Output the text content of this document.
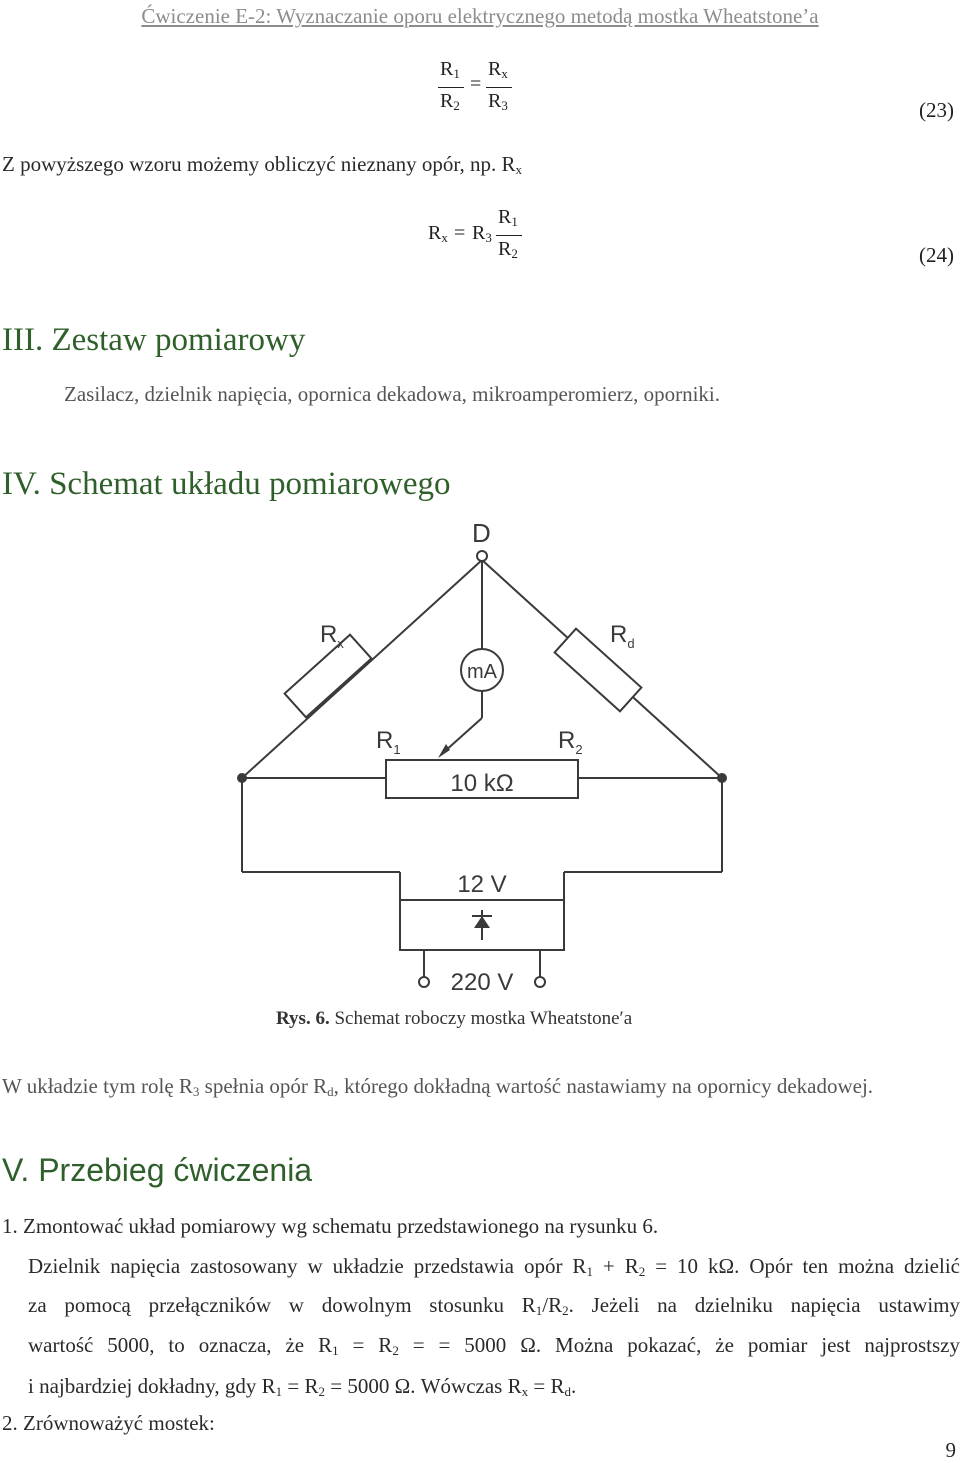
Ćwiczenie E-2: Wyznaczanie oporu elektrycznego metodą mostka Wheatstone’a
$R_1$
$R_2$
=
$R_x$
$R_3$	(23)
Z powyższego wzoru możemy obliczyć nieznany opór, np. $R_x$
$R_x = R_3$
$R_1$
$R_2$	(24)
III. Zestaw pomiarowy
Zasilacz, dzielnik napięcia, opornica dekadowa, mikroamperomierz, oporniki.
IV. Schemat układu pomiarowego
D
$R_x$	$R_d$
mA
$R_1$	$R_2$
10 kΩ
12 V
220 V
Rys. 6. Schemat roboczy mostka Wheatstone′a
W układzie tym rolę $R_3$ spełnia opór $R_d$, którego dokładną wartość nastawiamy na opornicy dekadowej.
V. Przebieg ćwiczenia
1. Zmontować układ pomiarowy wg schematu przedstawionego na rysunku 6.
Dzielnik napięcia zastosowany w układzie przedstawia opór $R_1 + R_2 = 10$ kΩ. Opór ten można dzielić
za pomocą przełączników w dowolnym stosunku $R_1/R_2$. Jeżeli na dzielniku napięcia ustawimy
wartość 5000, to oznacza, że $R_1 = R_2$ = = 5000 Ω. Można pokazać, że pomiar jest najprostszy
i najbardziej dokładny, gdy $R_1 = R_2 = 5000$ Ω. Wówczas $R_x = R_d$.
2. Zrównoważyć mostek:
9
